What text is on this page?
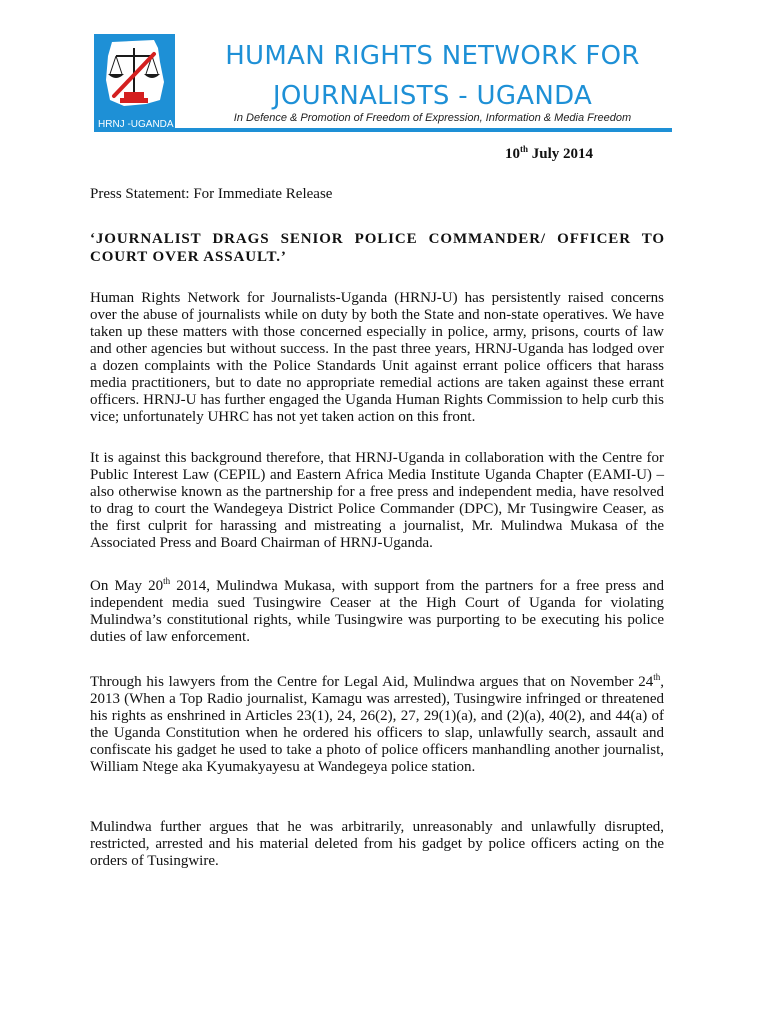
HRNJ -UGANDA
HUMAN RIGHTS NETWORK FOR
JOURNALISTS - UGANDA
In Defence & Promotion of Freedom of Expression, Information & Media Freedom
10th July 2014
Press Statement: For Immediate Release
‘JOURNALIST DRAGS SENIOR POLICE COMMANDER/ OFFICER TO COURT OVER ASSAULT.’
Human Rights Network for Journalists-Uganda (HRNJ-U) has persistently raised concerns over the abuse of journalists while on duty by both the State and non-state operatives. We have taken up these matters with those concerned especially in police, army, prisons, courts of law and other agencies but without success. In the past three years, HRNJ-Uganda has lodged over a dozen complaints with the Police Standards Unit against errant police officers that harass media practitioners, but to date no appropriate remedial actions are taken against these errant officers. HRNJ-U has further engaged the Uganda Human Rights Commission to help curb this vice; unfortunately UHRC has not yet taken action on this front.
It is against this background therefore, that HRNJ-Uganda in collaboration with the Centre for Public Interest Law (CEPIL) and Eastern Africa Media Institute Uganda Chapter (EAMI-U) –also otherwise known as the partnership for a free press and independent media, have resolved to drag to court the Wandegeya District Police Commander (DPC), Mr Tusingwire Ceaser, as the first culprit for harassing and mistreating a journalist, Mr. Mulindwa Mukasa of the Associated Press and Board Chairman of HRNJ-Uganda.
On May 20th 2014, Mulindwa Mukasa, with support from the partners for a free press and independent media sued Tusingwire Ceaser at the High Court of Uganda for violating Mulindwa’s constitutional rights, while Tusingwire was purporting to be executing his police duties of law enforcement.
Through his lawyers from the Centre for Legal Aid, Mulindwa argues that on November 24th, 2013 (When a Top Radio journalist, Kamagu was arrested), Tusingwire infringed or threatened his rights as enshrined in Articles 23(1), 24, 26(2), 27, 29(1)(a), and (2)(a), 40(2), and 44(a) of the Uganda Constitution when he ordered his officers to slap, unlawfully search, assault and confiscate his gadget he used to take a photo of police officers manhandling another journalist, William Ntege aka Kyumakyayesu at Wandegeya police station.
Mulindwa further argues that he was arbitrarily, unreasonably and unlawfully disrupted, restricted, arrested and his material deleted from his gadget by police officers acting on the orders of Tusingwire.
